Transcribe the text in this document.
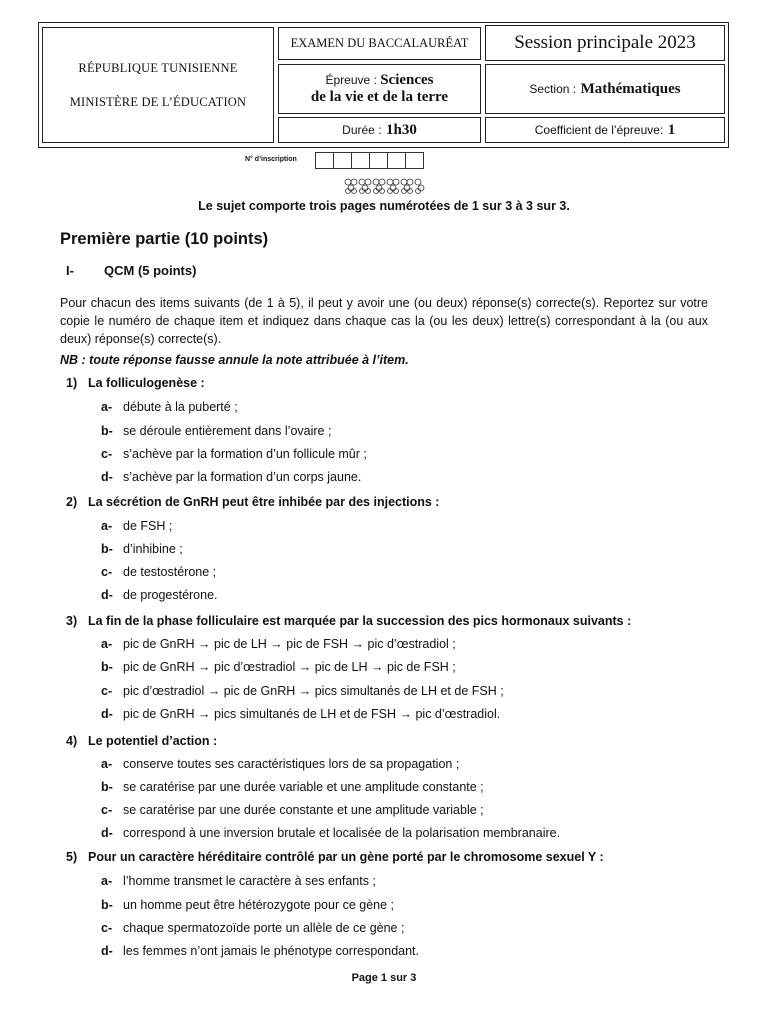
RÉPUBLIQUE TUNISIENNE
MINISTÈRE DE L’ÉDUCATION
EXAMEN DU BACCALAURÉAT Session principale 2023
Épreuve : Sciences
de la vie et de la terre	Section :
Mathématiques
Durée :
1h30	Coefficient de l’épreuve:
1
N° d’inscription
Le sujet comporte trois pages numérotées de 1 sur 3 à 3 sur 3.
Première partie (10 points)
I- QCM (5 points)
Pour chacun des items suivants (de 1 à 5), il peut y avoir une (ou deux) réponse(s) correcte(s). Reportez sur votre copie le numéro de chaque item et indiquez dans chaque cas la (ou les deux) lettre(s) correspondant à la (ou aux deux) réponse(s) correcte(s).
NB : toute réponse fausse annule la note attribuée à l’item.
1) La folliculogenèse :
a- débute à la puberté ;
b- se déroule entièrement dans l’ovaire ;
c- s’achève par la formation d’un follicule mûr ;
d- s’achève par la formation d’un corps jaune.
2) La sécrétion de GnRH peut être inhibée par des injections :
a- de FSH ;
b- d’inhibine ;
c- de testostérone ;
d- de progestérone.
3) La fin de la phase folliculaire est marquée par la succession des pics hormonaux suivants :
a- pic de GnRH → pic de LH → pic de FSH → pic d’œstradiol ;
b- pic de GnRH → pic d’œstradiol → pic de LH → pic de FSH ;
c- pic d’œstradiol → pic de GnRH → pics simultanés de LH et de FSH ;
d- pic de GnRH → pics simultanés de LH et de FSH → pic d’œstradiol.
4) Le potentiel d’action :
a- conserve toutes ses caractéristiques lors de sa propagation ;
b- se caratérise par une durée variable et une amplitude constante ;
c- se caratérise par une durée constante et une amplitude variable ;
d- correspond à une inversion brutale et localisée de la polarisation membranaire.
5) Pour un caractère héréditaire contrôlé par un gène porté par le chromosome sexuel Y :
a- l’homme transmet le caractère à ses enfants ;
b- un homme peut être hétérozygote pour ce gène ;
c- chaque spermatozoïde porte un allèle de ce gène ;
d- les femmes n’ont jamais le phénotype correspondant.
Page 1 sur 3
